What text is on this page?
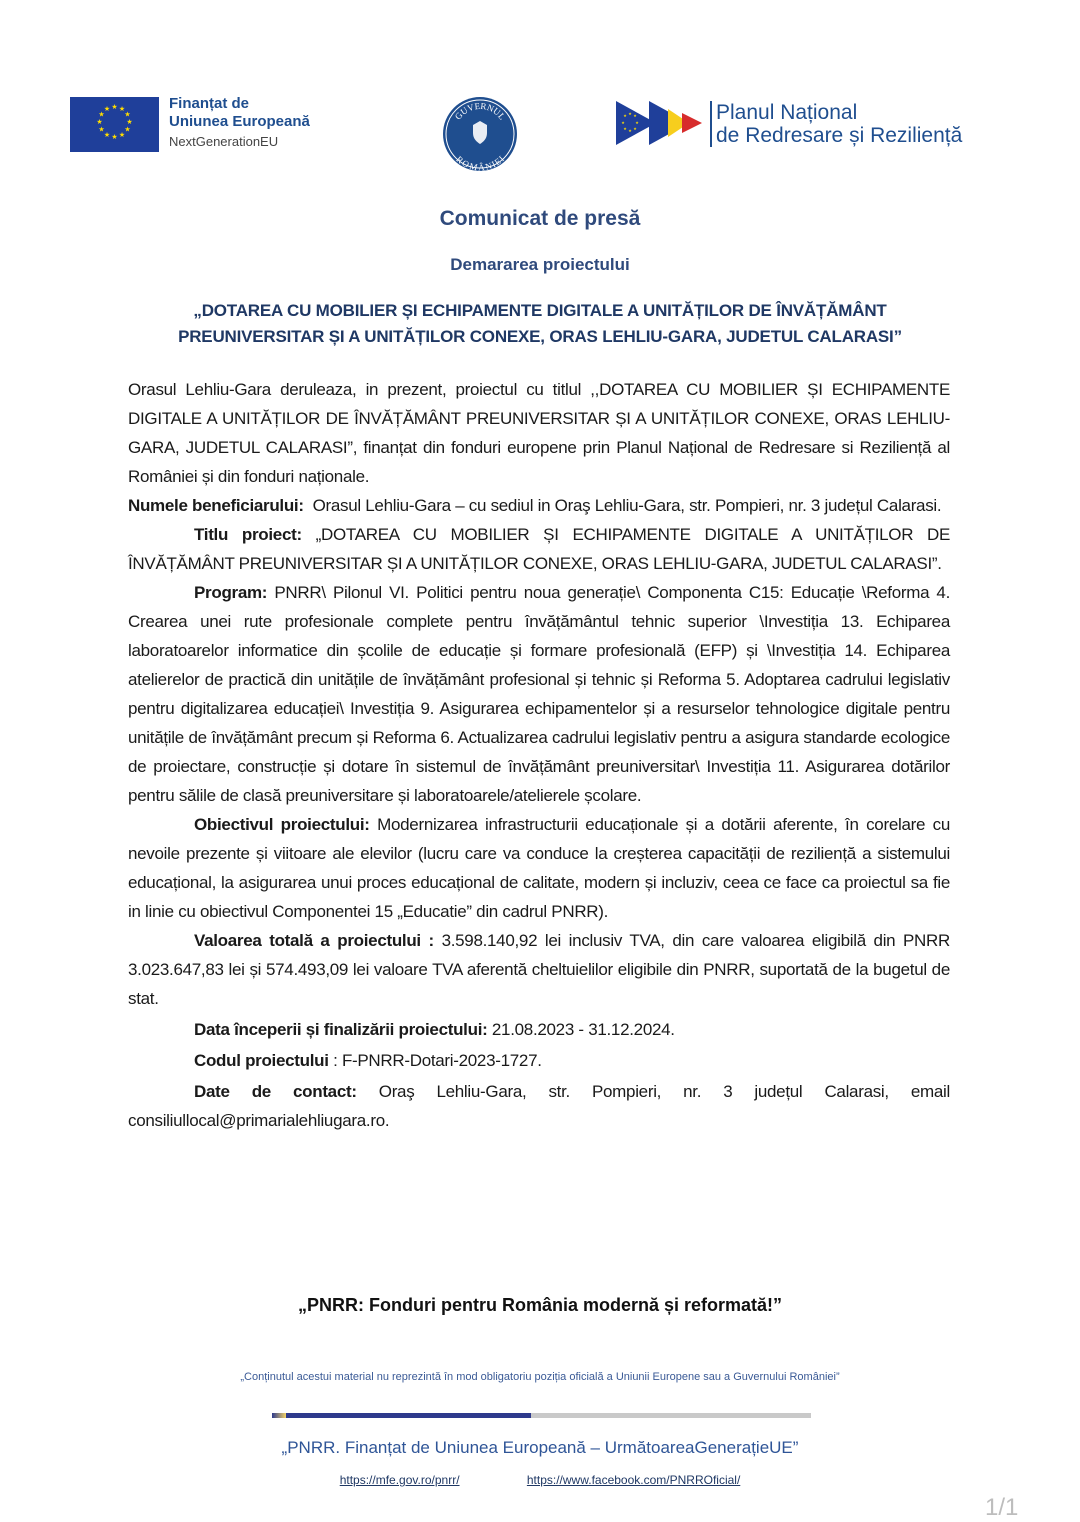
★ ★
★
★
★
★
★
★
★
★
★
★	Finanțat de
Uniunea Europeană
NextGenerationEU
GUVERNUL
ROMÂNIEI
★ ★
★
★
★
★
★
★	Planul Național
de Redresare și Reziliență
Comunicat de presă
Demararea proiectului
„DOTAREA CU MOBILIER ȘI ECHIPAMENTE DIGITALE A UNITĂȚILOR DE ÎNVĂȚĂMÂNT
PREUNIVERSITAR ȘI A UNITĂȚILOR CONEXE, ORAS LEHLIU-GARA, JUDETUL CALARASI”

Orasul Lehliu-Gara deruleaza, in prezent, proiectul cu titlul ,,DOTAREA CU MOBILIER ȘI ECHIPAMENTE DIGITALE A UNITĂȚILOR DE ÎNVĂȚĂMÂNT PREUNIVERSITAR ȘI A UNITĂȚILOR CONEXE, ORAS LEHLIU-GARA, JUDETUL CALARASI”, finanțat din fonduri europene prin Planul Național de Redresare si Reziliență al României și din fonduri naționale.

Numele beneficiarului:  Orasul Lehliu-Gara – cu sediul in Oraş Lehliu-Gara, str. Pompieri, nr. 3 județul Calarasi.

Titlu proiect: „DOTAREA CU MOBILIER ȘI ECHIPAMENTE DIGITALE A UNITĂȚILOR DE ÎNVĂȚĂMÂNT PREUNIVERSITAR ȘI A UNITĂȚILOR CONEXE, ORAS LEHLIU-GARA, JUDETUL CALARASI”.

Program: PNRR\ Pilonul VI. Politici pentru noua generație\ Componenta C15: Educație \Reforma 4. Crearea unei rute profesionale complete pentru învățământul tehnic superior \Investiția 13. Echiparea laboratoarelor informatice din școlile de educație și formare profesională (EFP) și \Investiția 14. Echiparea atelierelor de practică din unitățile de învățământ profesional și tehnic și Reforma 5. Adoptarea cadrului legislativ pentru digitalizarea educației\ Investiția 9. Asigurarea echipamentelor și a resurselor tehnologice digitale pentru unitățile de învățământ precum și Reforma 6. Actualizarea cadrului legislativ pentru a asigura standarde ecologice de proiectare, construcție și dotare în sistemul de învățământ preuniversitar\ Investiția 11. Asigurarea dotărilor pentru sălile de clasă preuniversitare și laboratoarele/atelierele școlare.

Obiectivul proiectului: Modernizarea infrastructurii educaționale și a dotării aferente, în corelare cu nevoile prezente și viitoare ale elevilor (lucru care va conduce la creșterea capacității de reziliență a sistemului educațional, la asigurarea unui proces educațional de calitate, modern și incluziv, ceea ce face ca proiectul sa fie in linie cu obiectivul Componentei 15 „Educatie” din cadrul PNRR).

Valoarea totală a proiectului : 3.598.140,92 lei inclusiv TVA, din care valoarea eligibilă din PNRR 3.023.647,83 lei și 574.493,09 lei valoare TVA aferentă cheltuielilor eligibile din PNRR, suportată de la bugetul de stat.

Data începerii și finalizării proiectului: 21.08.2023 - 31.12.2024.

Codul proiectului : F-PNRR-Dotari-2023-1727.

Date de contact: Oraş Lehliu-Gara, str. Pompieri, nr. 3 județul Calarasi, email consiliullocal@primarialehliugara.ro.

„PNRR: Fonduri pentru România modernă și reformată!”
„Conținutul acestui material nu reprezintă în mod obligatoriu poziția oficială a Uniunii Europene sau a Guvernului României”
„PNRR. Finanțat de Uniunea Europeană – UrmătoareaGenerațieUE”
https://mfe.gov.ro/pnrr/	https://www.facebook.com/PNRROficial/
1/1
